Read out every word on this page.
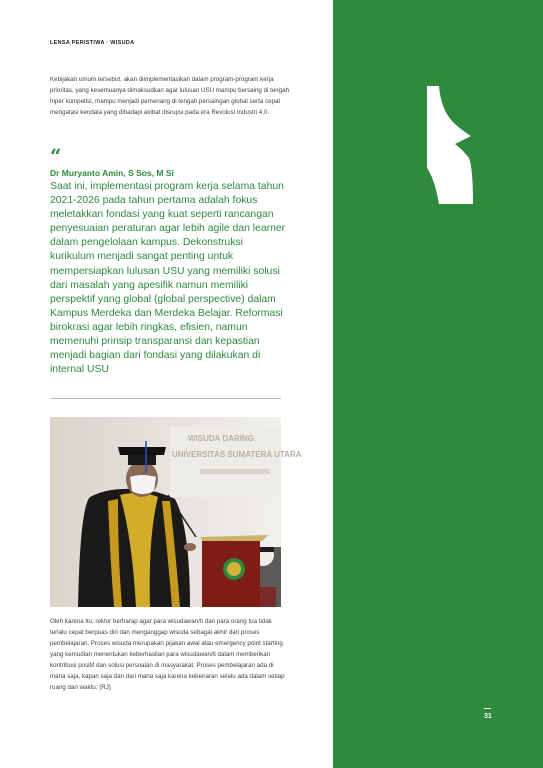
LENSA PERISTIWA · WISUDA

Kebijakan umum tersebut, akan diimplementasikan dalam program-program kerja prioritas, yang kesemuanya dimaksudkan agar lulusan USU mampu bersaing di tengah hiper kompetisi, mampu menjadi pemenang di tengah persaingan global serta cepat mengatasi kendala yang dihadapi akibat disrupsi pada era Revolusi Industri 4.0.

“
Dr Muryanto Amin, S Sos, M Si

Saat ini, implementasi program kerja selama tahun 2021-2026 pada tahun pertama adalah fokus meletakkan fondasi yang kuat seperti rancangan penyesuaian peraturan agar lebih agile dan learner dalam pengelolaan kampus. Dekonstruksi kurikulum menjadi sangat penting untuk mempersiapkan lulusan USU yang memiliki solusi dari masalah yang apesifik namun memiliki perspektif yang global (global perspective) dalam Kampus Merdeka dan Merdeka Belajar. Reformasi birokrasi agar lebih ringkas, efisien, namun memenuhi prinsip transparansi dan kepastian menjadi bagian dari fondasi yang dilakukan di internal USU

WISUDA DARING
UNIVERSITAS SUMATERA UTARA

Oleh karena itu, rektor berharap agar para wisudawan/ti dan para orang tua tidak terlalu cepat berpuas diri dan menganggap wisuda sebagai akhir dari proses pembelajaran. Proses wisuda merupakan pijakan awal atau emergency point starting yang kemudian menentukan keberhasilan para wisudawan/ti dalam memberikan kontribusi positif dan solusi persoalan di masyarakat. Proses pembelajaran ada di mana saja, kapan saja dan dari mana saja karena kebenaran selalu ada dalam setiap ruang dan waktu. (RJ)

31
